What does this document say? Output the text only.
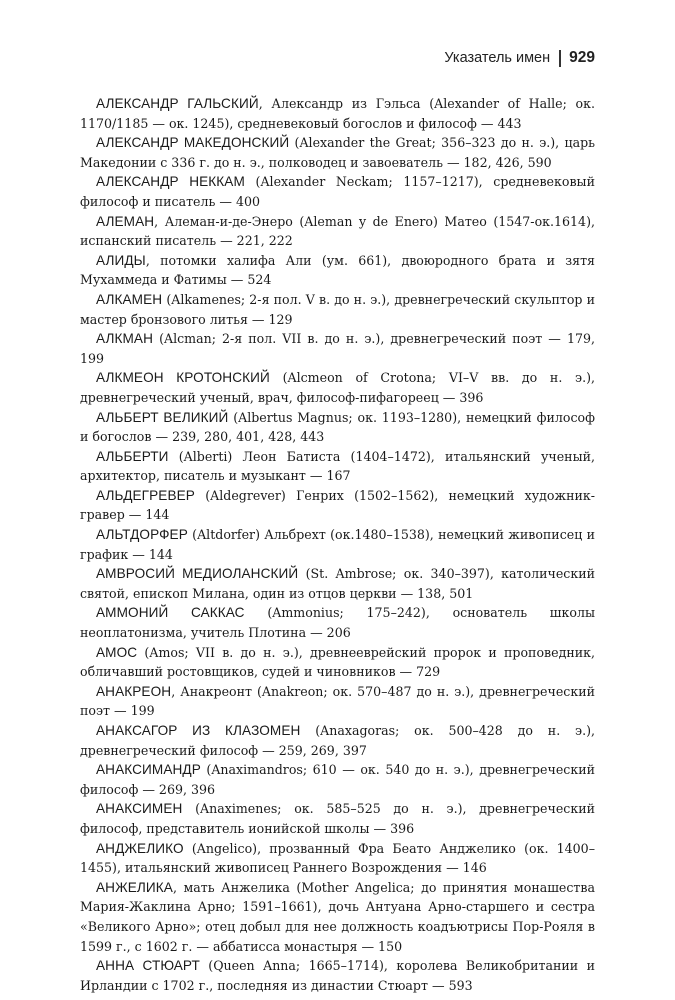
Указатель имен 929

АЛЕКСАНДР ГАЛЬСКИЙ, Александр из Гэльса (Alexander of Halle; ок. 1170/1185 — ок. 1245), средневековый богослов и философ — 443

АЛЕКСАНДР МАКЕДОНСКИЙ (Alexander the Great; 356–323 до н. э.), царь Македонии с 336 г. до н. э., полководец и завоеватель — 182, 426, 590

АЛЕКСАНДР НЕККАМ (Alexander Neckam; 1157–1217), средневековый философ и писатель — 400

АЛЕМАН, Алеман-и-де-Энеро (Aleman y de Enero) Матео (1547-ок.1614), испанский писатель — 221, 222

АЛИДЫ, потомки халифа Али (ум. 661), двоюродного брата и зятя Мухаммеда и Фатимы — 524

АЛКАМЕН (Alkamenes; 2-я пол. V в. до н. э.), древнегреческий скульптор и мастер бронзового литья — 129

АЛКМАН (Alcman; 2-я пол. VII в. до н. э.), древнегреческий поэт — 179, 199

АЛКМЕОН КРОТОНСКИЙ (Alcmeon of Crotona; VI–V вв. до н. э.), древнегреческий ученый, врач, философ-пифагореец — 396

АЛЬБЕРТ ВЕЛИКИЙ (Albertus Magnus; ок. 1193–1280), немецкий философ и богослов — 239, 280, 401, 428, 443

АЛЬБЕРТИ (Alberti) Леон Батиста (1404–1472), итальянский ученый, архитектор, писатель и музыкант — 167

АЛЬДЕГРЕВЕР (Aldegrever) Генрих (1502–1562), немецкий художник-гравер — 144

АЛЬТДОРФЕР (Altdorfer) Альбрехт (ок.1480–1538), немецкий живописец и график — 144

АМВРОСИЙ МЕДИОЛАНСКИЙ (St. Ambrose; ок. 340–397), католический святой, епископ Милана, один из отцов церкви — 138, 501

АММОНИЙ САККАС (Ammonius; 175–242), основатель школы неоплатонизма, учитель Плотина — 206

АМОС (Amos; VII в. до н. э.), древнееврейский пророк и проповедник, обличавший ростовщиков, судей и чиновников — 729

АНАКРЕОН, Анакреонт (Anakreon; ок. 570–487 до н. э.), древнегреческий поэт — 199

АНАКСАГОР ИЗ КЛАЗОМЕН (Anaxagoras; ок. 500–428 до н. э.), древнегреческий философ — 259, 269, 397

АНАКСИМАНДР (Anaximandros; 610 — ок. 540 до н. э.), древнегреческий философ — 269, 396

АНАКСИМЕН (Anaximenes; ок. 585–525 до н. э.), древнегреческий философ, представитель ионийской школы — 396

АНДЖЕЛИКО (Angelico), прозванный Фра Беато Анджелико (ок. 1400–1455), итальянский живописец Раннего Возрождения — 146

АНЖЕЛИКА, мать Анжелика (Mother Angelica; до принятия монашества Мария-Жаклина Арно; 1591–1661), дочь Антуана Арно-старшего и сестра «Великого Арно»; отец добыл для нее должность коадъютрисы Пор-Рояля в 1599 г., с 1602 г. — аббатисса монастыря — 150

АННА СТЮАРТ (Queen Anna; 1665–1714), королева Великобритании и Ирландии с 1702 г., последняя из династии Стюарт — 593
